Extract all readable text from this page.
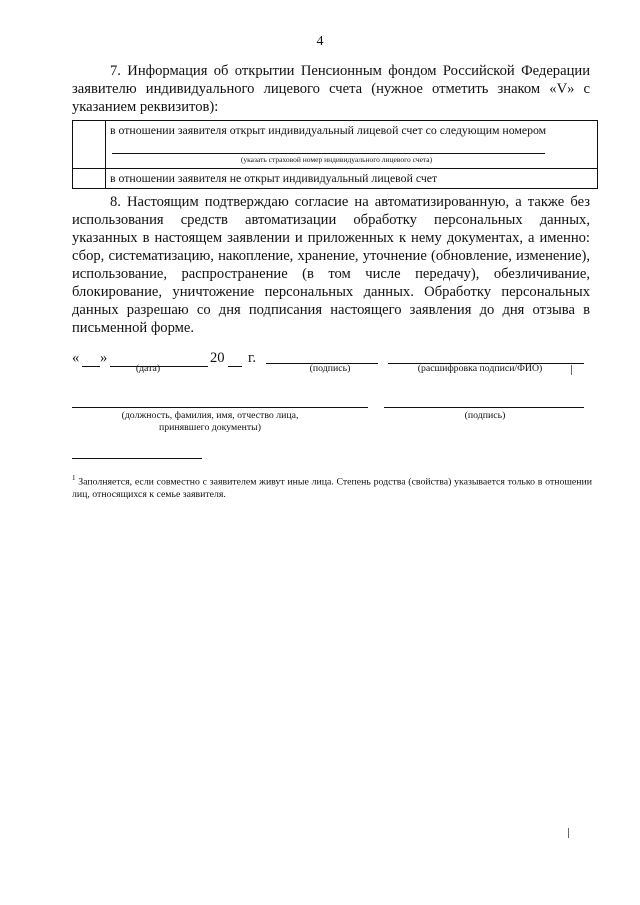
4

7. Информация об открытии Пенсионным фондом Российской Федерации заявителю индивидуального лицевого счета (нужное отметить знаком «V» с указанием реквизитов):

	в отношении заявителя открыт индивидуальный лицевой счет со следующим номером
(указать страховой номер индивидуального лицевого счета)

	в отношении заявителя не открыт индивидуальный лицевой счет

8. Настоящим подтверждаю согласие на автоматизированную, а также без использования средств автоматизации обработку персональных данных, указанных в настоящем заявлении и приложенных к нему документах, а именно: сбор, систематизацию, накопление, хранение, уточнение (обновление, изменение), использование, распространение (в том числе передачу), обезличивание, блокирование, уничтожение персональных данных. Обработку персональных данных разрешаю со дня подписания настоящего заявления до дня отзыва в письменной форме.

« »	20 г.
(дата)	(подпись)	(расшифровка подписи/ФИО)
(должность, фамилия, имя, отчество лица, принявшего документы)
(подпись)

$^1$ Заполняется, если совместно с заявителем живут иные лица. Степень родства (свойства) указывается только в отношении лиц, относящихся к семье заявителя.
